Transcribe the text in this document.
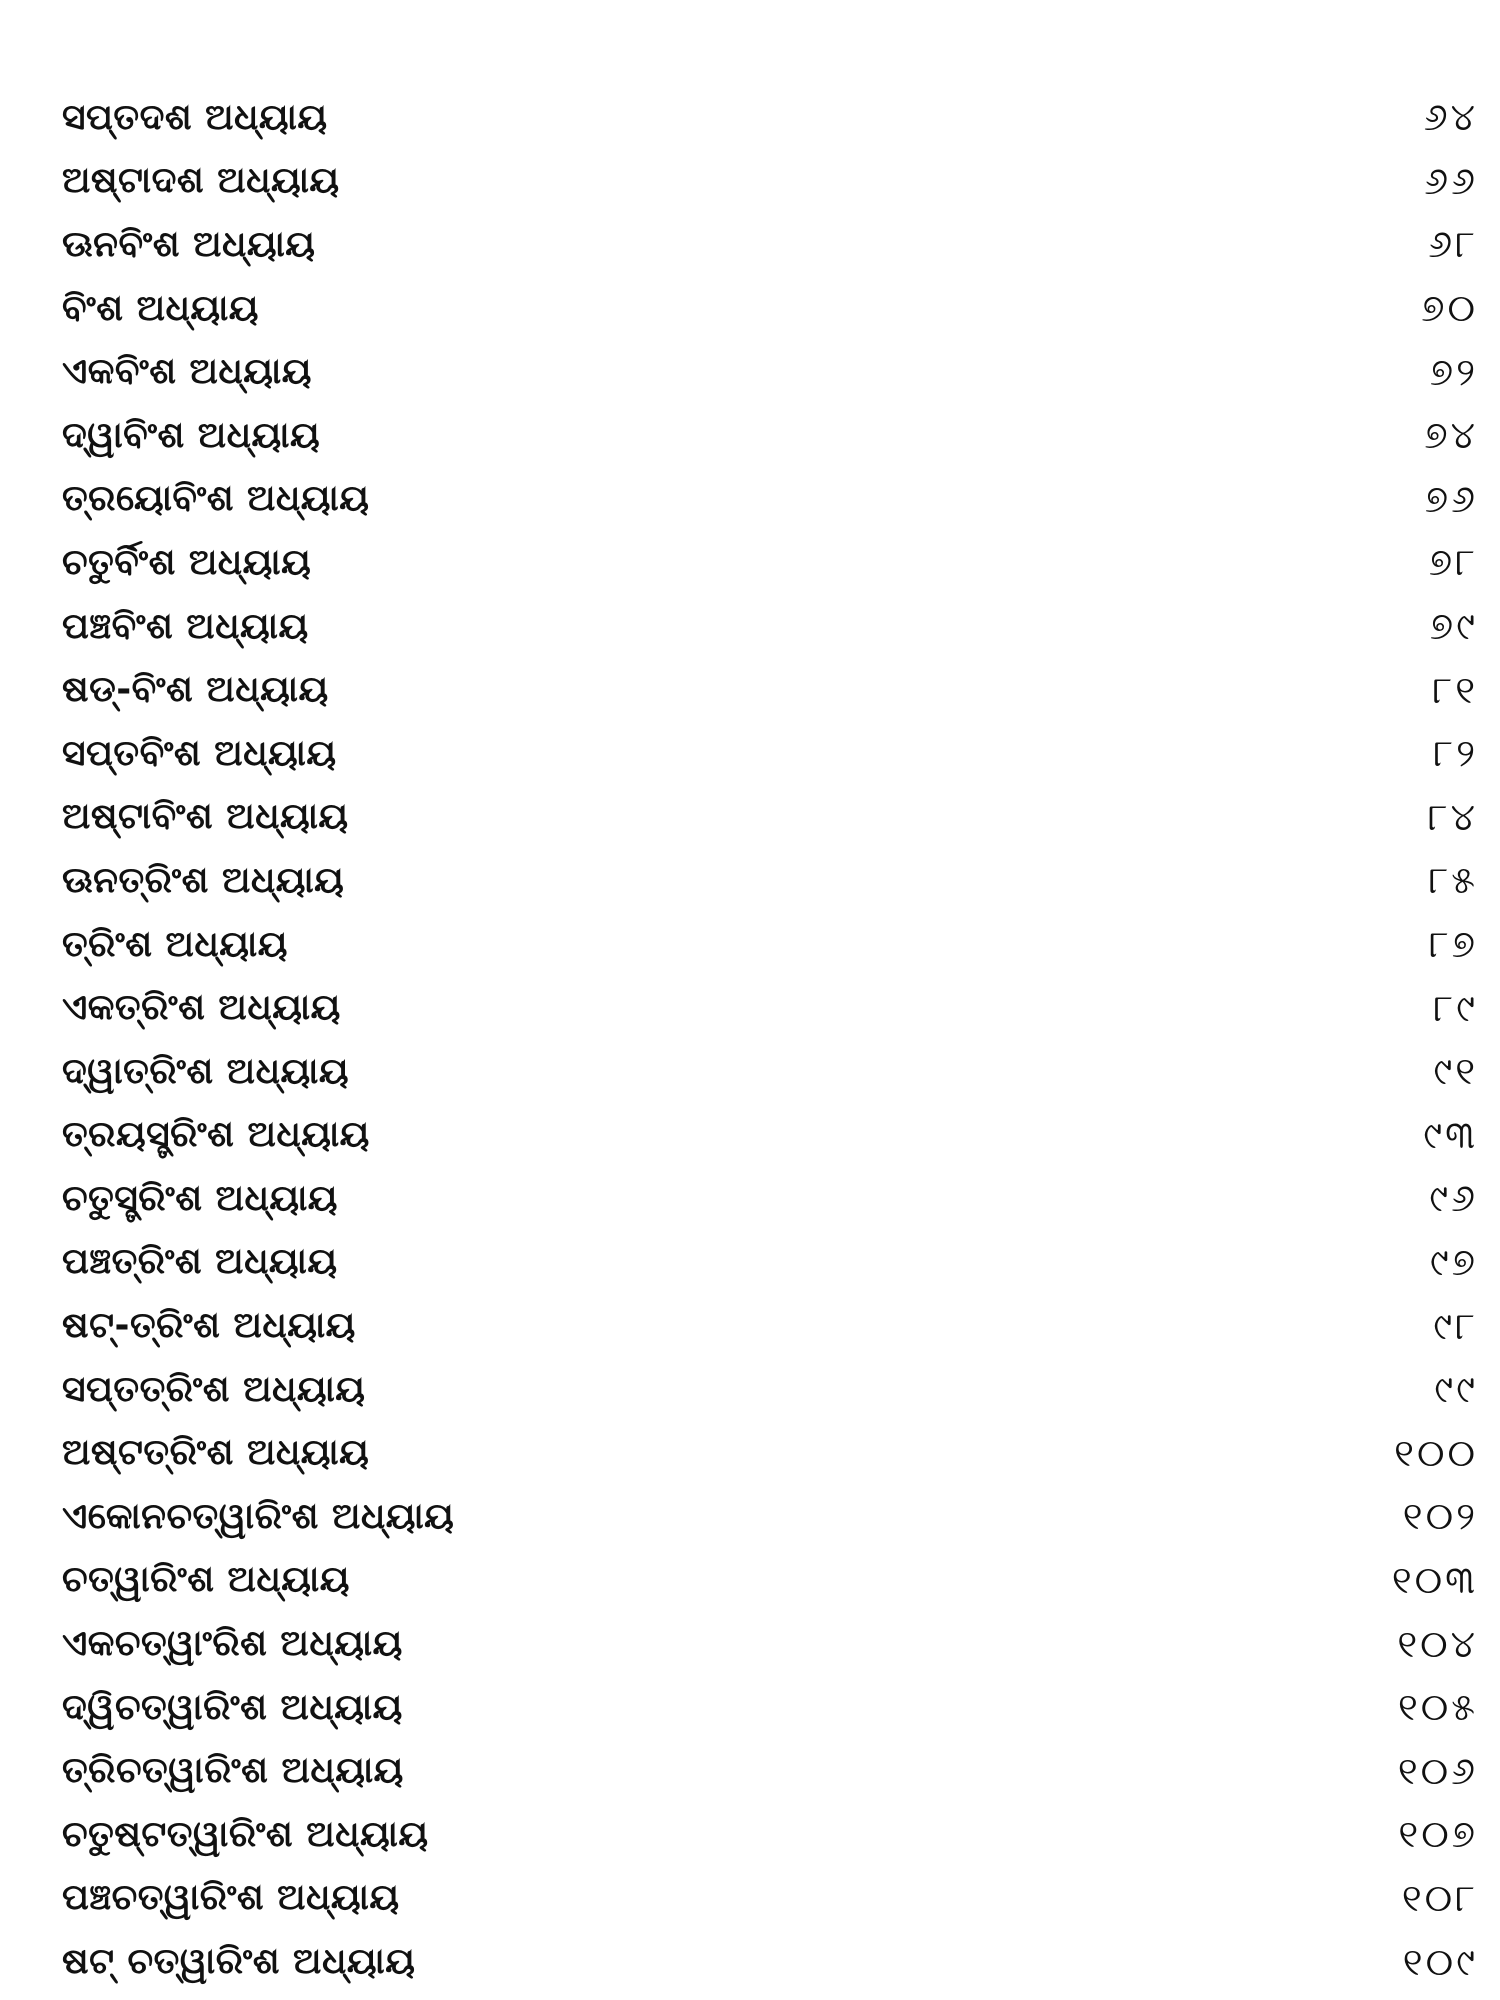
ସପ୍ତଦଶ ଅଧ୍ୟାୟ	୬୪
ଅଷ୍ଟାଦଶ ଅଧ୍ୟାୟ	୬୬
ଊନବିଂଶ ଅଧ୍ୟାୟ	୬୮
ବିଂଶ ଅଧ୍ୟାୟ	୭୦
ଏକବିଂଶ ଅଧ୍ୟାୟ	୭୨
ଦ୍ୱାବିଂଶ ଅଧ୍ୟାୟ	୭୪
ତ୍ରୟୋବିଂଶ ଅଧ୍ୟାୟ	୭୬
ଚତୁର୍ବିଂଶ ଅଧ୍ୟାୟ	୭୮
ପଞ୍ଚବିଂଶ ଅଧ୍ୟାୟ	୭୯
ଷଡ୍-ବିଂଶ ଅଧ୍ୟାୟ	୮୧
ସପ୍ତବିଂଶ ଅଧ୍ୟାୟ	୮୨
ଅଷ୍ଟାବିଂଶ ଅଧ୍ୟାୟ	୮୪
ଊନତ୍ରିଂଶ ଅଧ୍ୟାୟ	୮୫
ତ୍ରିଂଶ ଅଧ୍ୟାୟ	୮୭
ଏକତ୍ରିଂଶ ଅଧ୍ୟାୟ	୮୯
ଦ୍ୱାତ୍ରିଂଶ ଅଧ୍ୟାୟ	୯୧
ତ୍ରୟସ୍ତ୍ରିଂଶ ଅଧ୍ୟାୟ	୯୩
ଚତୁସ୍ତ୍ରିଂଶ ଅଧ୍ୟାୟ	୯୬
ପଞ୍ଚତ୍ରିଂଶ ଅଧ୍ୟାୟ	୯୭
ଷଟ୍-ତ୍ରିଂଶ ଅଧ୍ୟାୟ	୯୮
ସପ୍ତତ୍ରିଂଶ ଅଧ୍ୟାୟ	୯୯
ଅଷ୍ଟତ୍ରିଂଶ ଅଧ୍ୟାୟ	୧୦୦
ଏକୋନଚତ୍ୱାରିଂଶ ଅଧ୍ୟାୟ	୧୦୨
ଚତ୍ୱାରିଂଶ ଅଧ୍ୟାୟ	୧୦୩
ଏକଚତ୍ୱାଂରିଶ ଅଧ୍ୟାୟ	୧୦୪
ଦ୍ୱିଚତ୍ୱାରିଂଶ ଅଧ୍ୟାୟ	୧୦୫
ତ୍ରିଚତ୍ୱାରିଂଶ ଅଧ୍ୟାୟ	୧୦୬
ଚତୁଷ୍ଟତ୍ୱାରିଂଶ ଅଧ୍ୟାୟ	୧୦୭
ପଞ୍ଚଚତ୍ୱାରିଂଶ ଅଧ୍ୟାୟ	୧୦୮
ଷଟ୍ ଚତ୍ୱାରିଂଶ ଅଧ୍ୟାୟ	୧୦୯
